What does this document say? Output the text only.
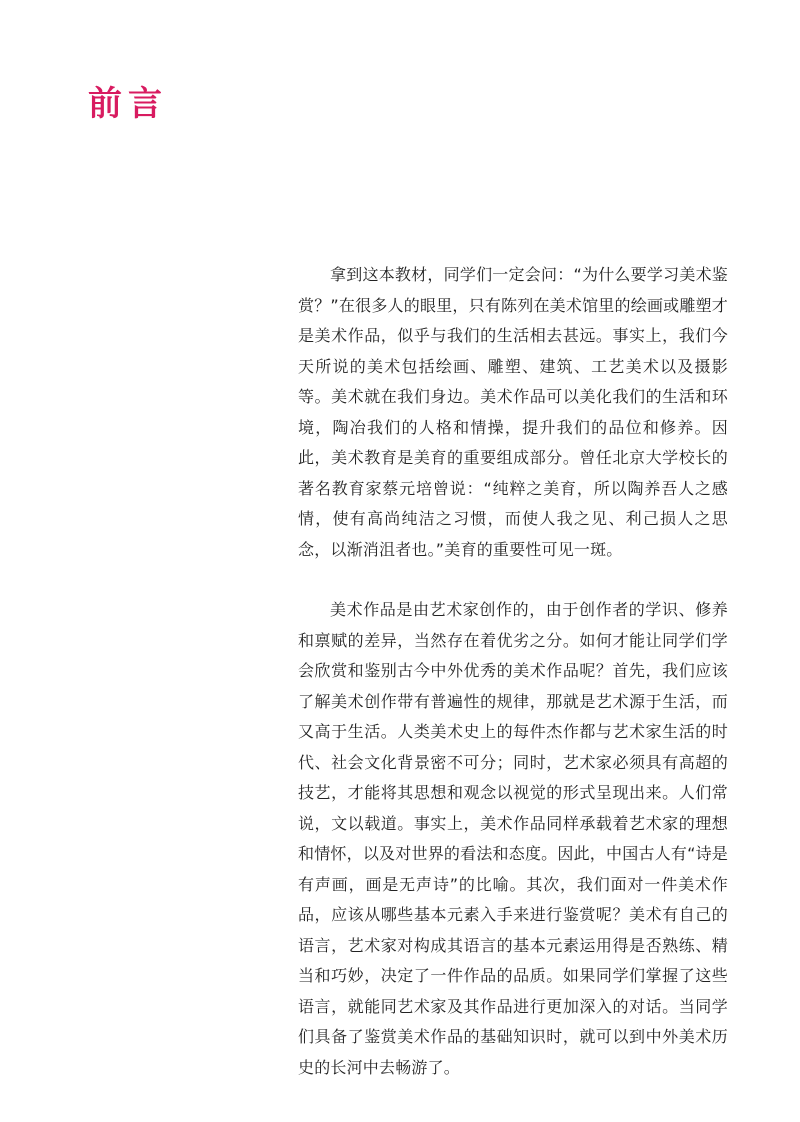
前言

拿到这本教材，同学们一定会问：“为什么要学习美术鉴赏？”在很多人的眼里，只有陈列在美术馆里的绘画或雕塑才是美术作品，似乎与我们的生活相去甚远。事实上，我们今天所说的美术包括绘画、雕塑、建筑、工艺美术以及摄影等。美术就在我们身边。美术作品可以美化我们的生活和环境，陶冶我们的人格和情操，提升我们的品位和修养。因此，美术教育是美育的重要组成部分。曾任北京大学校长的著名教育家蔡元培曾说：“纯粹之美育，所以陶养吾人之感情，使有高尚纯洁之习惯，而使人我之见、利己损人之思念，以渐消沮者也。”美育的重要性可见一斑。

美术作品是由艺术家创作的，由于创作者的学识、修养和禀赋的差异，当然存在着优劣之分。如何才能让同学们学会欣赏和鉴别古今中外优秀的美术作品呢？首先，我们应该了解美术创作带有普遍性的规律，那就是艺术源于生活，而又高于生活。人类美术史上的每件杰作都与艺术家生活的时代、社会文化背景密不可分；同时，艺术家必须具有高超的技艺，才能将其思想和观念以视觉的形式呈现出来。人们常说，文以载道。事实上，美术作品同样承载着艺术家的理想和情怀，以及对世界的看法和态度。因此，中国古人有“诗是有声画，画是无声诗”的比喻。其次，我们面对一件美术作品，应该从哪些基本元素入手来进行鉴赏呢？美术有自己的语言，艺术家对构成其语言的基本元素运用得是否熟练、精当和巧妙，决定了一件作品的品质。如果同学们掌握了这些语言，就能同艺术家及其作品进行更加深入的对话。当同学们具备了鉴赏美术作品的基础知识时，就可以到中外美术历史的长河中去畅游了。
